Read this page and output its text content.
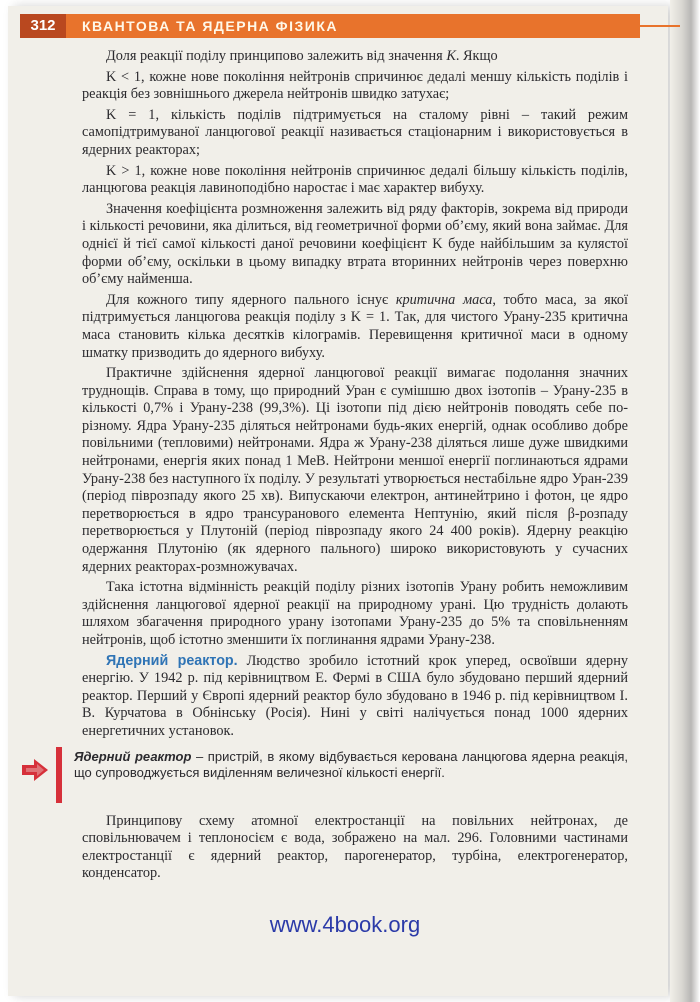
312	КВАНТОВА ТА ЯДЕРНА ФІЗИКА

Доля реакції поділу принципово залежить від значення K. Якщо

K < 1, кожне нове покоління нейтронів спричинює дедалі меншу кількість поділів і реакція без зовнішнього джерела нейтронів швидко затухає;

K = 1, кількість поділів підтримується на сталому рівні – такий режим самопідтримуваної ланцюгової реакції називається стаціонарним і використовується в ядерних реакторах;

K > 1, кожне нове покоління нейтронів спричинює дедалі більшу кількість поділів, ланцюгова реакція лавиноподібно наростає і має характер вибуху.

Значення коефіцієнта розмноження залежить від ряду факторів, зокрема від природи і кількості речовини, яка ділиться, від геометричної форми об’єму, який вона займає. Для однієї й тієї самої кількості даної речовини коефіцієнт K буде найбільшим за кулястої форми об’єму, оскільки в цьому випадку втрата вторинних нейтронів через поверхню об’єму найменша.

Для кожного типу ядерного пального існує критична маса, тобто маса, за якої підтримується ланцюгова реакція поділу з K = 1. Так, для чистого Урану-235 критична маса становить кілька десятків кілограмів. Перевищення критичної маси в одному шматку призводить до ядерного вибуху.

Практичне здійснення ядерної ланцюгової реакції вимагає подолання значних труднощів. Справа в тому, що природний Уран є сумішшю двох ізотопів – Урану-235 в кількості 0,7% і Урану-238 (99,3%). Ці ізотопи під дією нейтронів поводять себе по-різному. Ядра Урану-235 діляться нейтронами будь-яких енергій, однак особливо добре повільними (тепловими) нейтронами. Ядра ж Урану-238 діляться лише дуже швидкими нейтронами, енергія яких понад 1 МеВ. Нейтрони меншої енергії поглинаються ядрами Урану-238 без наступного їх поділу. У результаті утворюється нестабільне ядро Уран-239 (період піврозпаду якого 25 хв). Випускаючи електрон, антинейтрино і фотон, це ядро перетворюється в ядро трансуранового елемента Нептунію, який після β-розпаду перетворюється у Плутоній (період піврозпаду якого 24 400 років). Ядерну реакцію одержання Плутонію (як ядерного пального) широко використовують у сучасних ядерних реакторах-розмножувачах.

Така істотна відмінність реакцій поділу різних ізотопів Урану робить неможливим здійснення ланцюгової ядерної реакції на природному урані. Цю трудність долають шляхом збагачення природного урану ізотопами Урану-235 до 5% та сповільненням нейтронів, щоб істотно зменшити їх поглинання ядрами Урану-238.

Ядерний реактор. Людство зробило істотний крок уперед, освоївши ядерну енергію. У 1942 р. під керівництвом Е. Фермі в США було збудовано перший ядерний реактор. Перший у Європі ядерний реактор було збудовано в 1946 р. під керівництвом І. В. Курчатова в Обнінську (Росія). Нині у світі налічується понад 1000 ядерних енергетичних установок.

Ядерний реактор – пристрій, в якому відбувається керована ланцюгова ядерна реакція, що супроводжується виділенням величезної кількості енергії.

Принципову схему атомної електростанції на повільних нейтронах, де сповільнювачем і теплоносієм є вода, зображено на мал. 296. Головними частинами електростанції є ядерний реактор, парогенератор, турбіна, електрогенератор, конденсатор.

www.4book.org
